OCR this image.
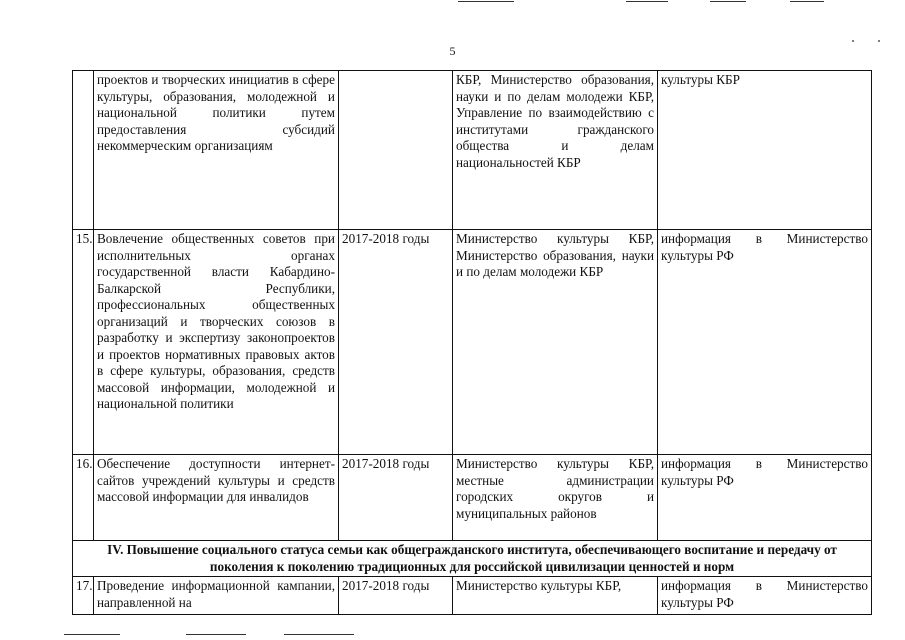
5
	проектов и творческих инициатив в сфере культуры, образования, молодежной и национальной политики путем предоставления субсидий некоммерческим организациям		КБР, Министерство образования, науки и по делам молодежи КБР, Управление по взаимодействию с институтами гражданского общества и делам национальностей КБР	культуры КБР
15.	Вовлечение общественных советов при исполнительных органах государственной власти Кабардино-Балкарской Республики, профессиональных общественных организаций и творческих союзов в разработку и экспертизу законопроектов и проектов нормативных правовых актов в сфере культуры, образования, средств массовой информации, молодежной и национальной политики	2017-2018 годы	Министерство культуры КБР, Министерство образования, науки и по делам молодежи КБР	информация в Министерство культуры РФ
16.	Обеспечение доступности интернет-сайтов учреждений культуры и средств массовой информации для инвалидов	2017-2018 годы	Министерство культуры КБР, местные администрации городских округов и муниципальных районов	информация в Министерство культуры РФ
IV. Повышение социального статуса семьи как общегражданского института, обеспечивающего воспитание и передачу от поколения к поколению традиционных для российской цивилизации ценностей и норм				
17.	Проведение информационной кампании, направленной на	2017-2018 годы	Министерство культуры КБР,	информация в Министерство культуры РФ
